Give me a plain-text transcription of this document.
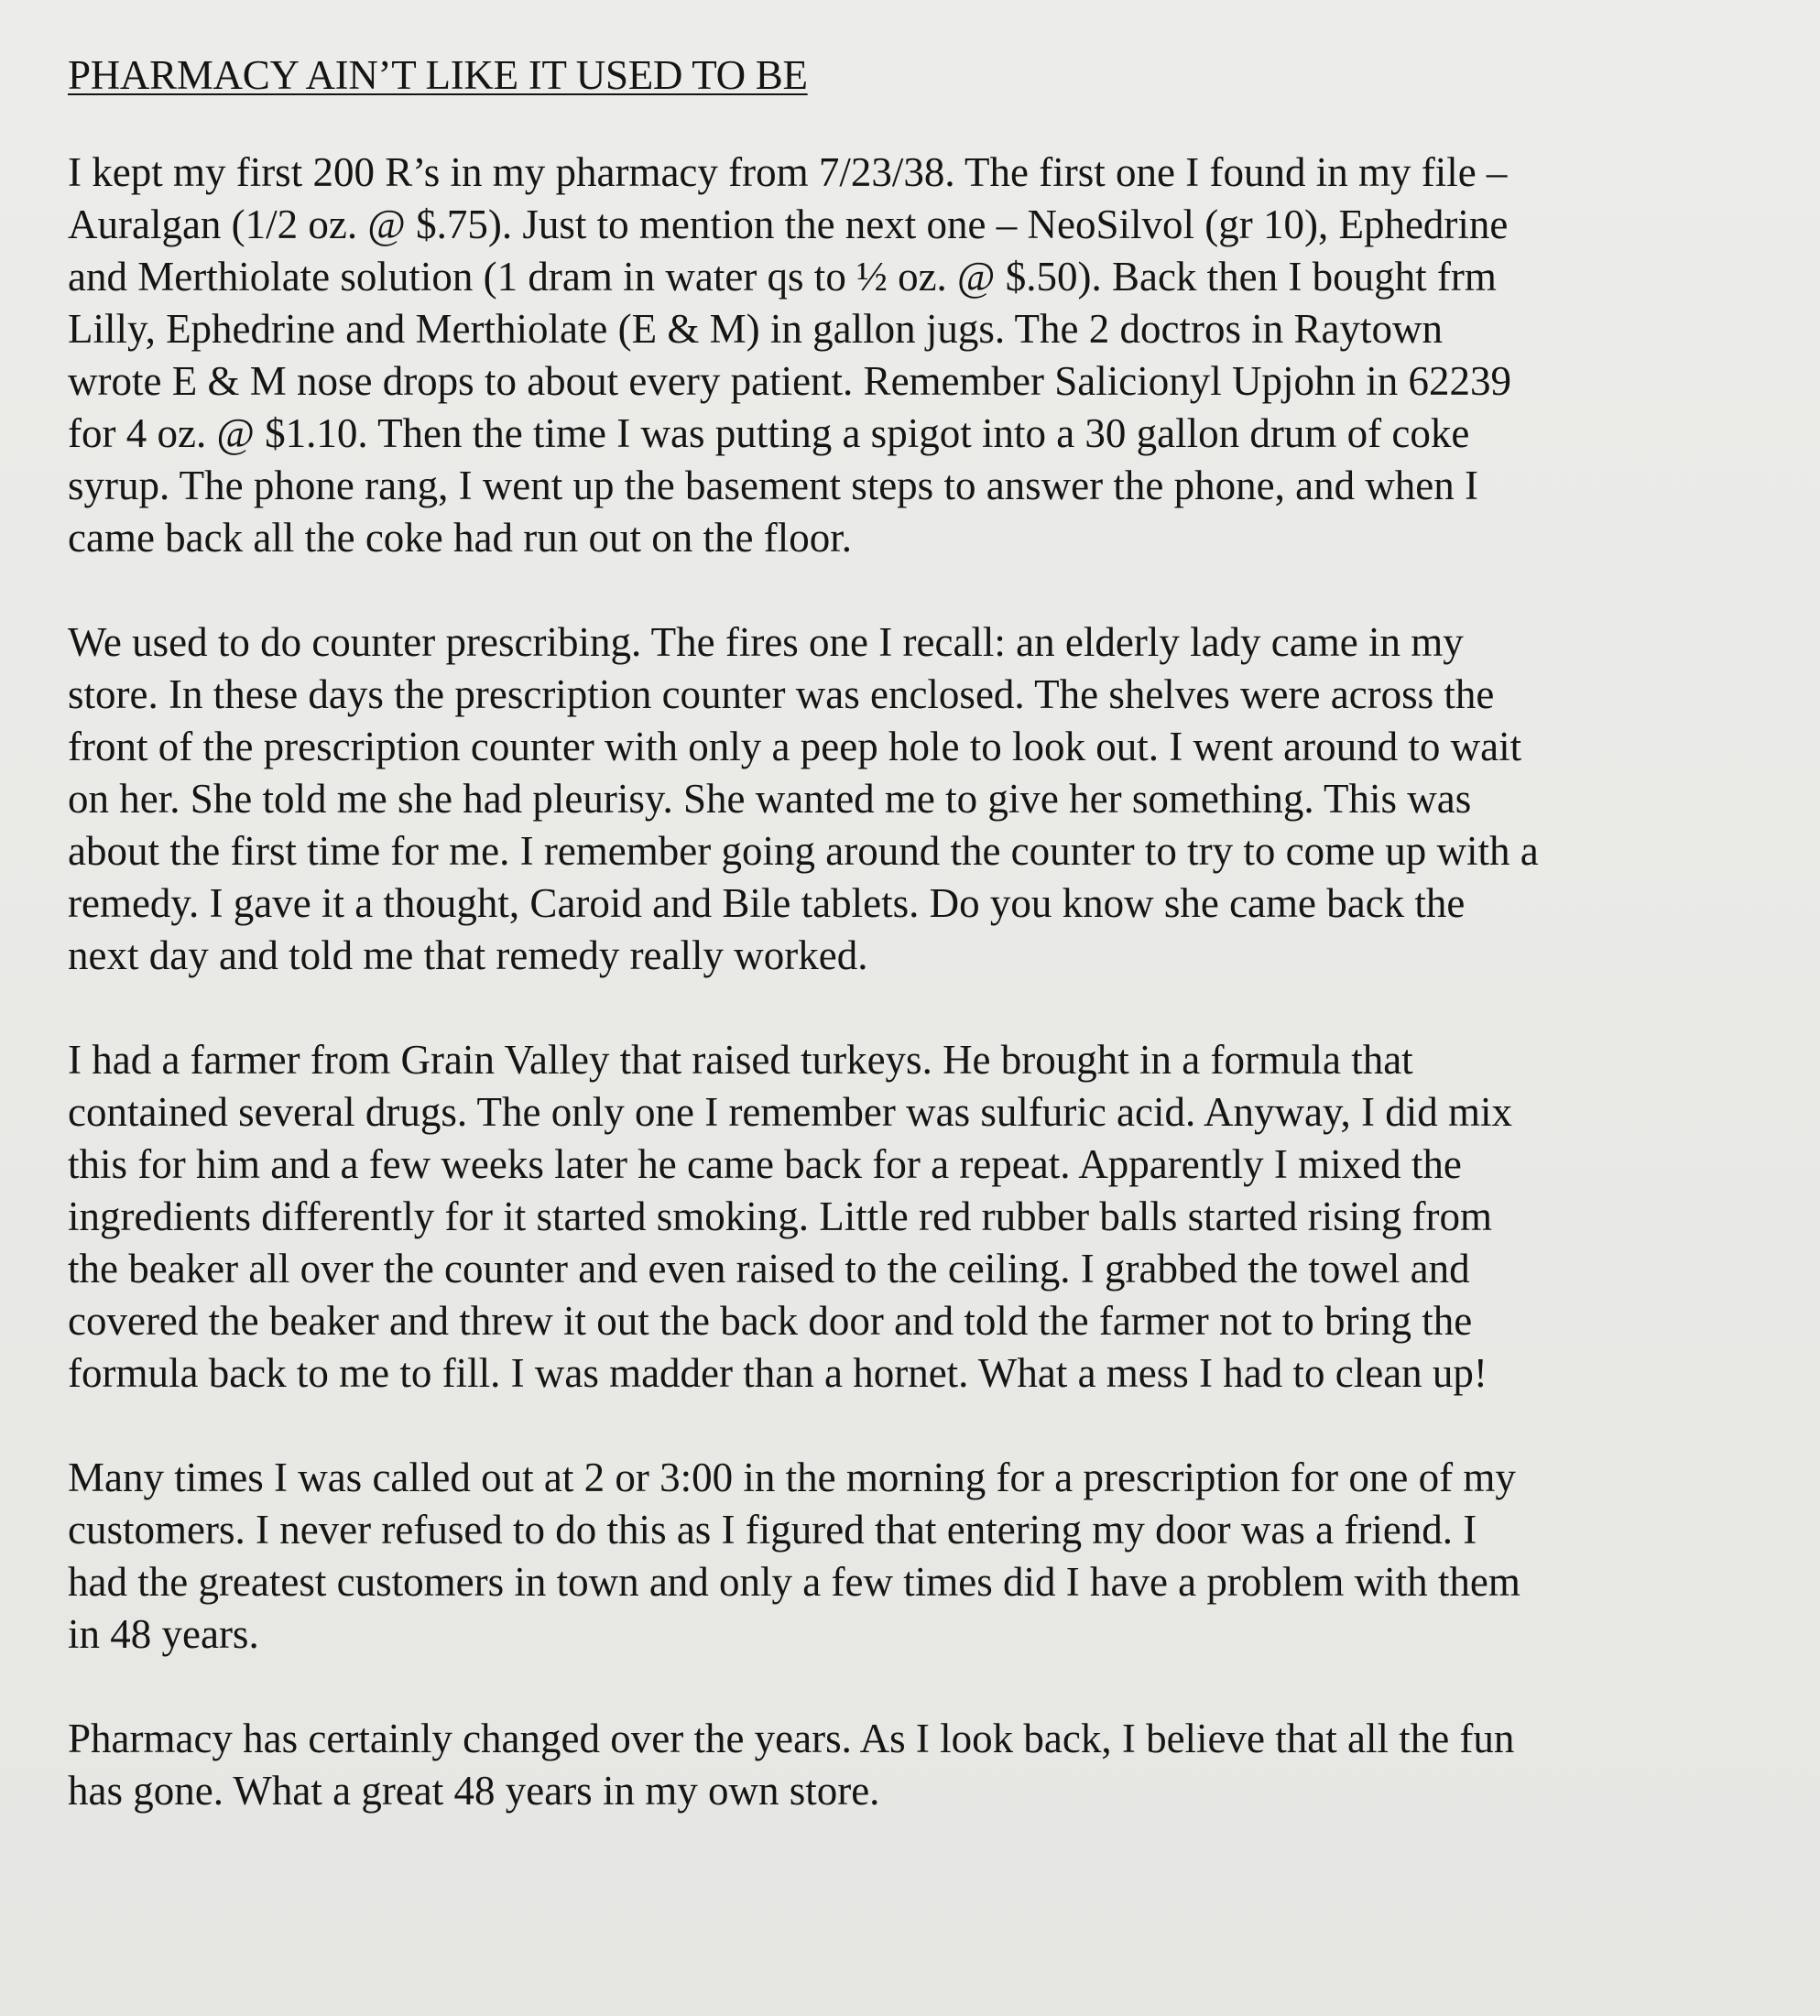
PHARMACY AIN’T LIKE IT USED TO BE

I kept my first 200 R’s in my pharmacy from 7/23/38. The first one I found in my file –
Auralgan (1/2 oz. @ $.75). Just to mention the next one – NeoSilvol (gr 10), Ephedrine
and Merthiolate solution (1 dram in water qs to ½ oz. @ $.50). Back then I bought frm
Lilly, Ephedrine and Merthiolate (E & M) in gallon jugs. The 2 doctros in Raytown
wrote E & M nose drops to about every patient. Remember Salicionyl Upjohn in 62239
for 4 oz. @ $1.10. Then the time I was putting a spigot into a 30 gallon drum of coke
syrup. The phone rang, I went up the basement steps to answer the phone, and when I
came back all the coke had run out on the floor.

We used to do counter prescribing. The fires one I recall: an elderly lady came in my
store. In these days the prescription counter was enclosed. The shelves were across the
front of the prescription counter with only a peep hole to look out. I went around to wait
on her. She told me she had pleurisy. She wanted me to give her something. This was
about the first time for me. I remember going around the counter to try to come up with a
remedy. I gave it a thought, Caroid and Bile tablets. Do you know she came back the
next day and told me that remedy really worked.

I had a farmer from Grain Valley that raised turkeys. He brought in a formula that
contained several drugs. The only one I remember was sulfuric acid. Anyway, I did mix
this for him and a few weeks later he came back for a repeat. Apparently I mixed the
ingredients differently for it started smoking. Little red rubber balls started rising from
the beaker all over the counter and even raised to the ceiling. I grabbed the towel and
covered the beaker and threw it out the back door and told the farmer not to bring the
formula back to me to fill. I was madder than a hornet. What a mess I had to clean up!

Many times I was called out at 2 or 3:00 in the morning for a prescription for one of my
customers. I never refused to do this as I figured that entering my door was a friend. I
had the greatest customers in town and only a few times did I have a problem with them
in 48 years.

Pharmacy has certainly changed over the years. As I look back, I believe that all the fun
has gone. What a great 48 years in my own store.
